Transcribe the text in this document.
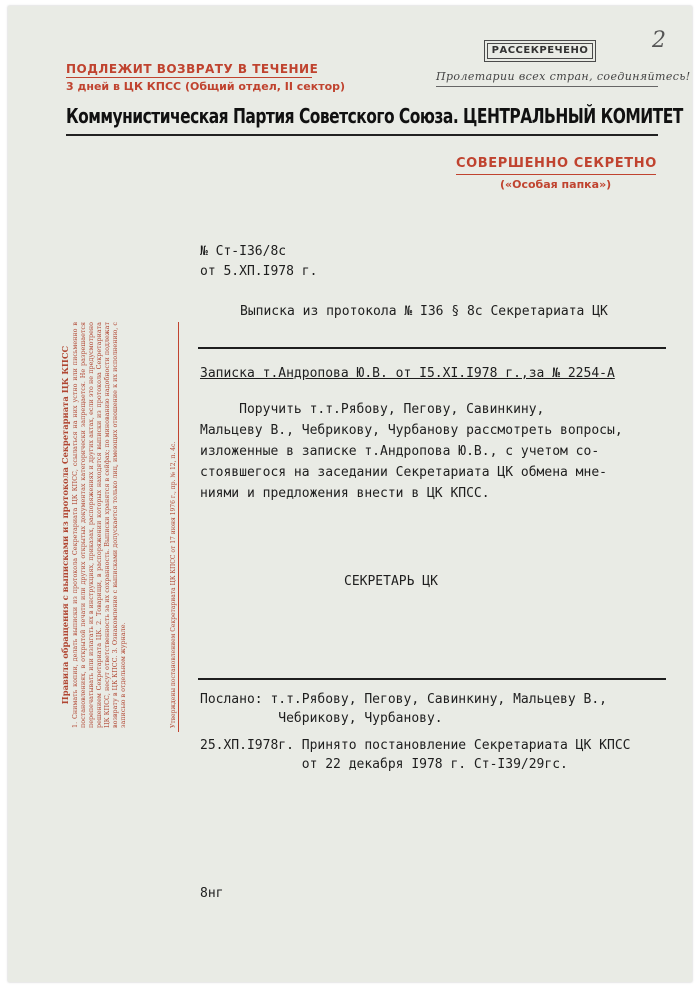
2
ПОДЛЕЖИТ ВОЗВРАТУ В ТЕЧЕНИЕ
3 дней в ЦК КПСС (Общий отдел, II сектор)
РАССЕКРЕЧЕНО
Пролетарии всех стран, соединяйтесь!
Коммунистическая Партия Советского Союза. ЦЕНТРАЛЬНЫЙ КОМИТЕТ
СОВЕРШЕННО СЕКРЕТНО
(«Особая папка»)
Правила обращения с выписками из протокола Секретариата ЦК КПСС 1. Снимать копии, делать выписки из протокола Секретариата ЦК КПСС, ссылаться на них устно или письменно в постановлениях, в открытой печати или других открытых документах категорически запрещается. Не разрешается перепечатывать или излагать их в инструкциях, приказах, распоряжениях и других актах, если это не предусмотрено решением Секретариата ЦК. 2. Товарищи, в распоряжении которых находятся выписки из протокола Секретариата ЦК КПСС, несут ответственность за их сохранность. Выписки хранятся в сейфах; по минованию надобности подлежат возврату в ЦК КПСС. 3. Ознакомление с выписками допускается только лиц, имеющих отношение к их исполнению, с записью в отдельном журнале.	Утверждены постановлением Секретариата ЦК КПСС от 17 июня 1976 г., пр. № 12, п. 4с.
№ Ст-I36/8с
от 5.ХП.I978 г.
Выписка из протокола № I36 § 8с Секретариата ЦК
Записка т.Андропова Ю.В. от I5.XI.I978 г.,за № 2254-А
Поручить т.т.Рябову, Пегову, Савинкину,
Мальцеву В., Чебрикову, Чурбанову рассмотреть вопросы,
изложенные в записке т.Андропова Ю.В., с учетом со-
стоявшегося на заседании Секретариата ЦК обмена мне-
ниями и предложения внести в ЦК КПСС.
СЕКРЕТАРЬ ЦК
Послано: т.т.Рябову, Пегову, Савинкину, Мальцеву В.,
Чебрикову, Чурбанову.
25.ХП.I978г. Принято постановление Секретариата ЦК КПСС
от 22 декабря I978 г. Ст-I39/29гс.
8нг
